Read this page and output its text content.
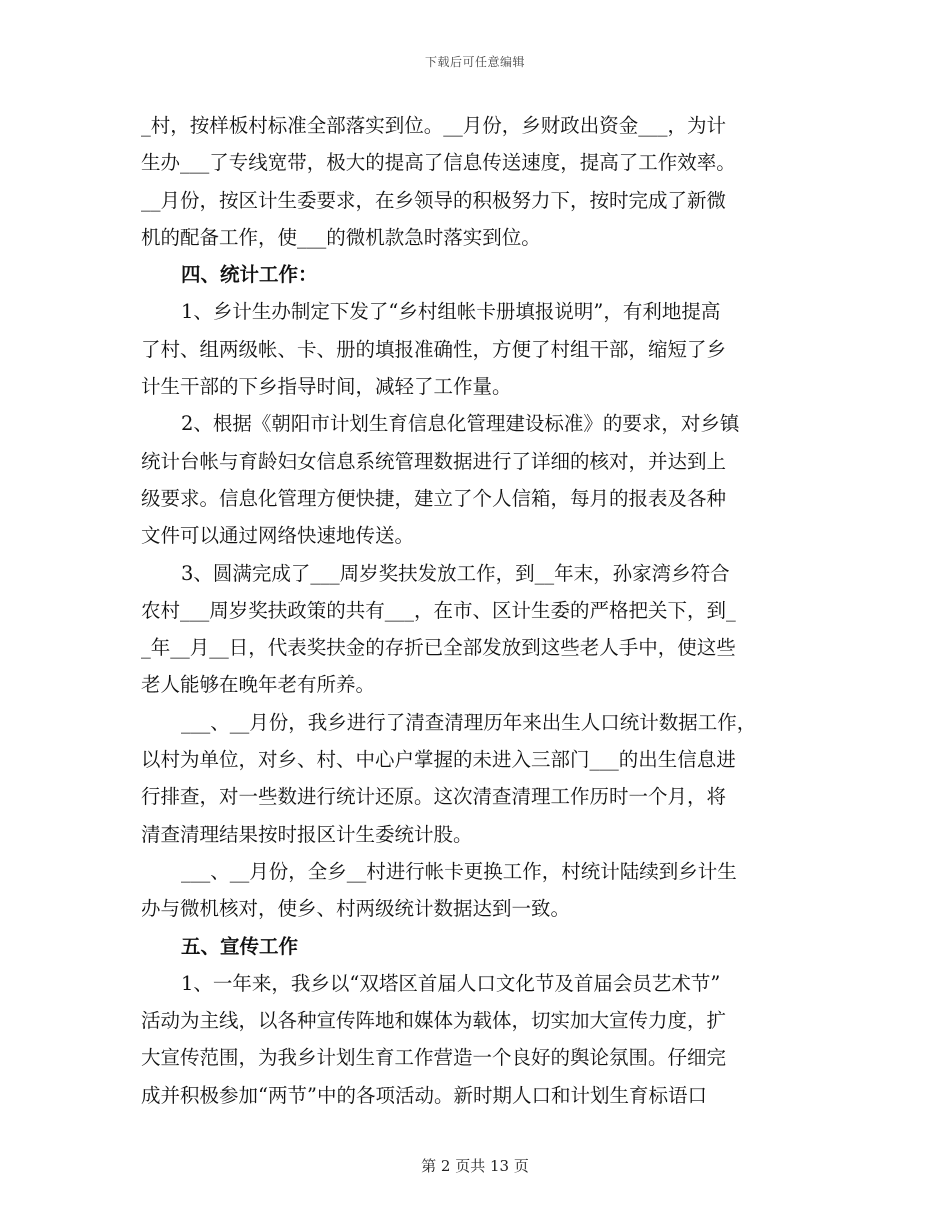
下载后可任意编辑
_村，按样板村标准全部落实到位。__月份，乡财政出资金___，为计
生办___了专线宽带，极大的提高了信息传送速度，提高了工作效率。
__月份，按区计生委要求，在乡领导的积极努力下，按时完成了新微
机的配备工作，使___的微机款急时落实到位。
四、统计工作：
1、乡计生办制定下发了“乡村组帐卡册填报说明”，有利地提高
了村、组两级帐、卡、册的填报准确性，方便了村组干部，缩短了乡
计生干部的下乡指导时间，减轻了工作量。
2、根据《朝阳市计划生育信息化管理建设标准》的要求，对乡镇
统计台帐与育龄妇女信息系统管理数据进行了详细的核对，并达到上
级要求。信息化管理方便快捷，建立了个人信箱，每月的报表及各种
文件可以通过网络快速地传送。
3、圆满完成了___周岁奖扶发放工作，到__年末，孙家湾乡符合
农村___周岁奖扶政策的共有___，在市、区计生委的严格把关下，到_
_年__月__日，代表奖扶金的存折已全部发放到这些老人手中，使这些
老人能够在晚年老有所养。
___、__月份，我乡进行了清查清理历年来出生人口统计数据工作，
以村为单位，对乡、村、中心户掌握的未进入三部门___的出生信息进
行排查，对一些数进行统计还原。这次清查清理工作历时一个月，将
清查清理结果按时报区计生委统计股。
___、__月份，全乡__村进行帐卡更换工作，村统计陆续到乡计生
办与微机核对，使乡、村两级统计数据达到一致。
五、宣传工作
1、一年来，我乡以“双塔区首届人口文化节及首届会员艺术节”
活动为主线，以各种宣传阵地和媒体为载体，切实加大宣传力度，扩
大宣传范围，为我乡计划生育工作营造一个良好的舆论氛围。仔细完
成并积极参加“两节”中的各项活动。新时期人口和计划生育标语口
第 2 页共 13 页
